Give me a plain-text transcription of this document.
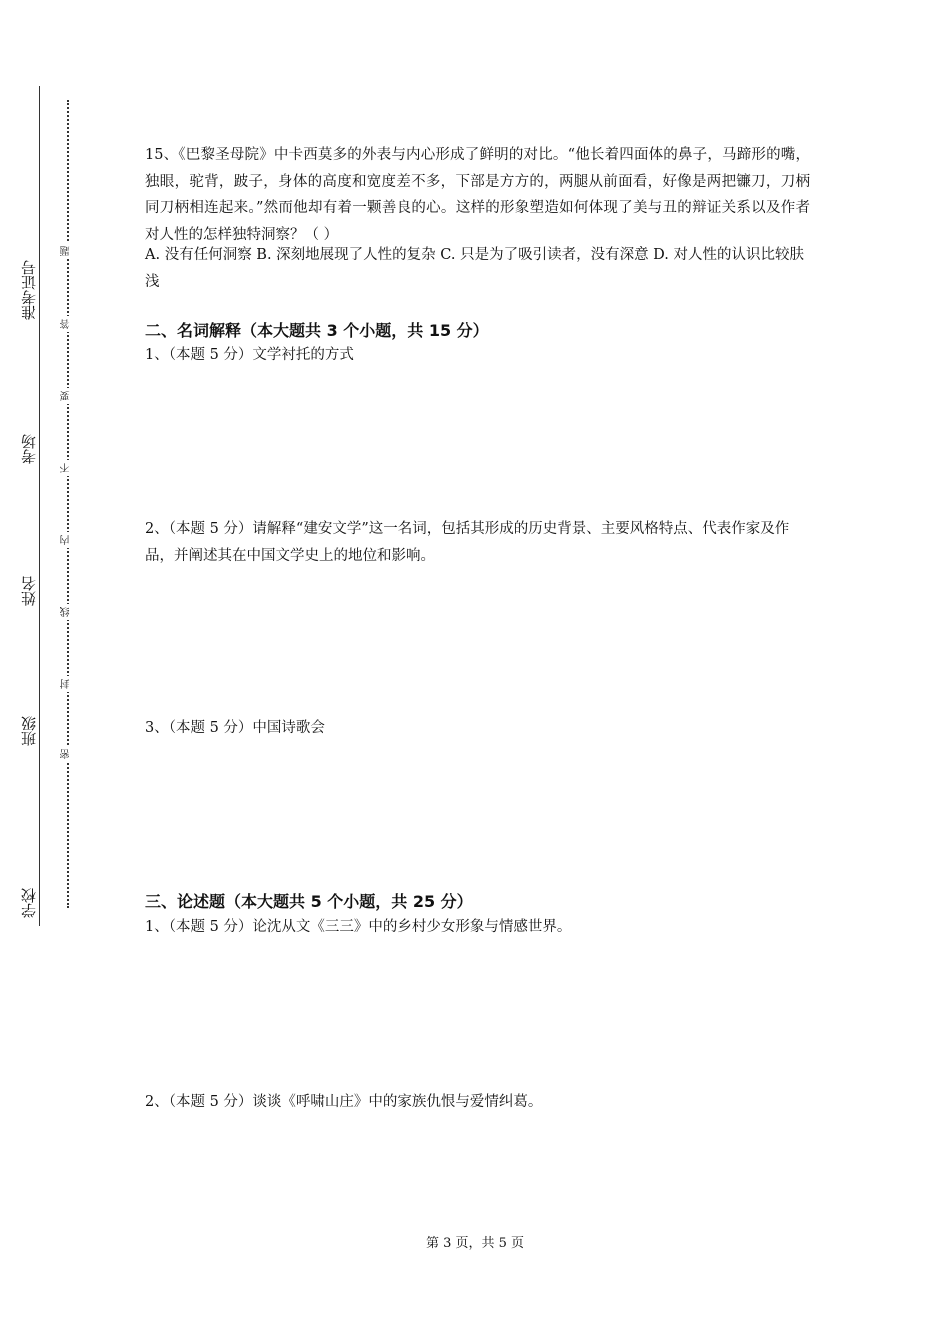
准考证号
考场
姓名
班级
学校
题
答
要
不
内
线
封
密
15、《巴黎圣母院》中卡西莫多的外表与内心形成了鲜明的对比。“他长着四面体的鼻子，马蹄形的嘴，独眼，驼背，跛子，身体的高度和宽度差不多，下部是方方的，两腿从前面看，好像是两把镰刀，刀柄同刀柄相连起来。”然而他却有着一颗善良的心。这样的形象塑造如何体现了美与丑的辩证关系以及作者对人性的怎样独特洞察？（ ）
A. 没有任何洞察 B. 深刻地展现了人性的复杂 C. 只是为了吸引读者，没有深意 D. 对人性的认识比较肤浅
二、名词解释（本大题共 3 个小题，共 15 分）
1、（本题 5 分）文学衬托的方式
2、（本题 5 分）请解释“建安文学”这一名词，包括其形成的历史背景、主要风格特点、代表作家及作品，并阐述其在中国文学史上的地位和影响。
3、（本题 5 分）中国诗歌会
三、论述题（本大题共 5 个小题，共 25 分）
1、（本题 5 分）论沈从文《三三》中的乡村少女形象与情感世界。
2、（本题 5 分）谈谈《呼啸山庄》中的家族仇恨与爱情纠葛。
第 3 页，共 5 页
